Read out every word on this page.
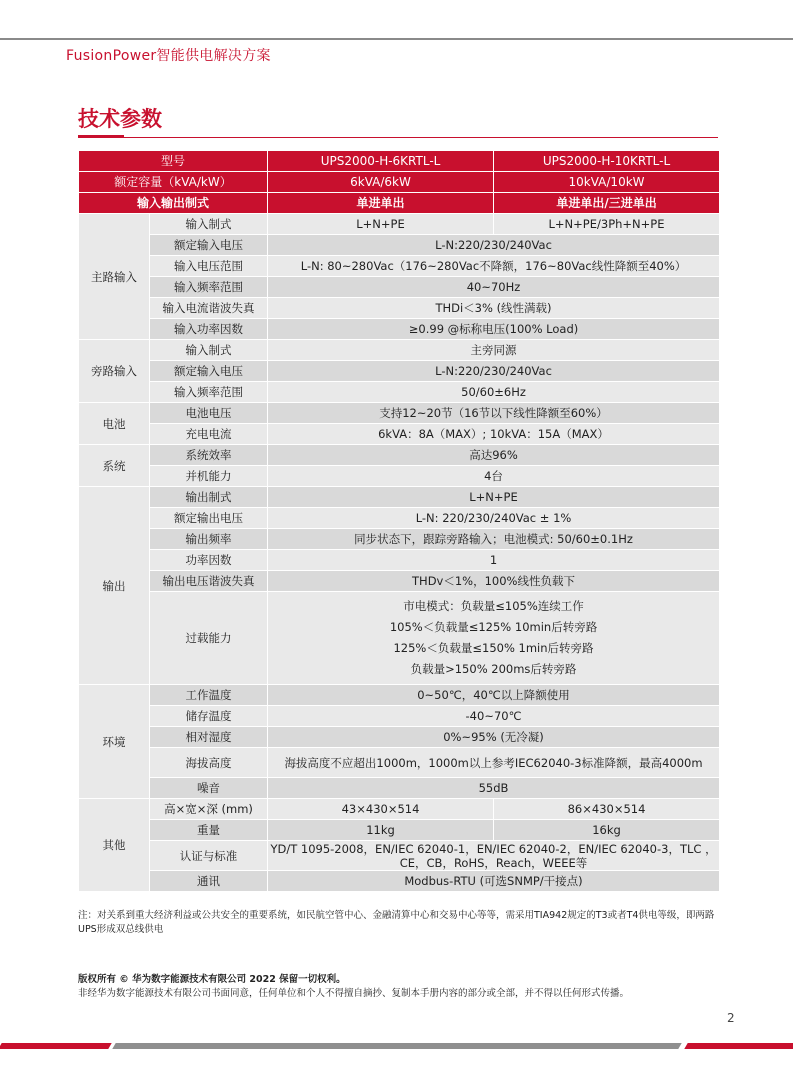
FusionPower智能供电解决方案
技术参数
型号		UPS2000-H-6KRTL-L	UPS2000-H-10KRTL-L
额定容量（kVA/kW）		6kVA/6kW	10kVA/10kW
输入输出制式		单进单出	单进单出/三进单出
主路输入	输入制式	L+N+PE	L+N+PE/3Ph+N+PE
	额定输入电压	L-N:220/230/240Vac	
	输入电压范围	L-N: 80~280Vac（176~280Vac不降额，176~80Vac线性降额至40%）	
	输入频率范围	40~70Hz	
	输入电流谐波失真	THDi＜3% (线性满载)	
	输入功率因数	≥0.99 @标称电压(100% Load)	
旁路输入	输入制式	主旁同源	
	额定输入电压	L-N:220/230/240Vac	
	输入频率范围	50/60±6Hz	
电池	电池电压	支持12~20节（16节以下线性降额至60%）	
	充电电流	6kVA：8A（MAX）; 10kVA：15A（MAX）	
系统	系统效率	高达96%	
	并机能力	4台	
输出	输出制式	L+N+PE	
	额定输出电压	L-N: 220/230/240Vac ± 1%	
	输出频率	同步状态下，跟踪旁路输入；电池模式: 50/60±0.1Hz	
	功率因数	1	
	输出电压谐波失真	THDv＜1%，100%线性负载下	
	过载能力	市电模式：负载量≤105%连续工作
105%＜负载量≤125% 10min后转旁路
125%＜负载量≤150% 1min后转旁路
负载量>150% 200ms后转旁路	

环境	工作温度	0~50℃，40℃以上降额使用	
	储存温度	-40~70℃	
	相对湿度	0%~95% (无冷凝)	
	海拔高度	海拔高度不应超出1000m，1000m以上参考IEC62040-3标准降额，最高4000m	
	噪音	55dB	
其他	高×宽×深 (mm)	43×430×514	86×430×514
	重量	11kg	16kg
	认证与标准	YD/T 1095-2008，EN/IEC 62040-1，EN/IEC 62040-2，EN/IEC 62040-3，TLC ，CE，CB，RoHS，Reach，WEEE等	
	通讯	Modbus-RTU (可选SNMP/干接点)	
注：对关系到重大经济利益或公共安全的重要系统，如民航空管中心、金融清算中心和交易中心等等，需采用TIA942规定的T3或者T4供电等级，即两路UPS形成双总线供电
版权所有 © 华为数字能源技术有限公司 2022 保留一切权利。
非经华为数字能源技术有限公司书面同意，任何单位和个人不得擅自摘抄、复制本手册内容的部分或全部，并不得以任何形式传播。
2
